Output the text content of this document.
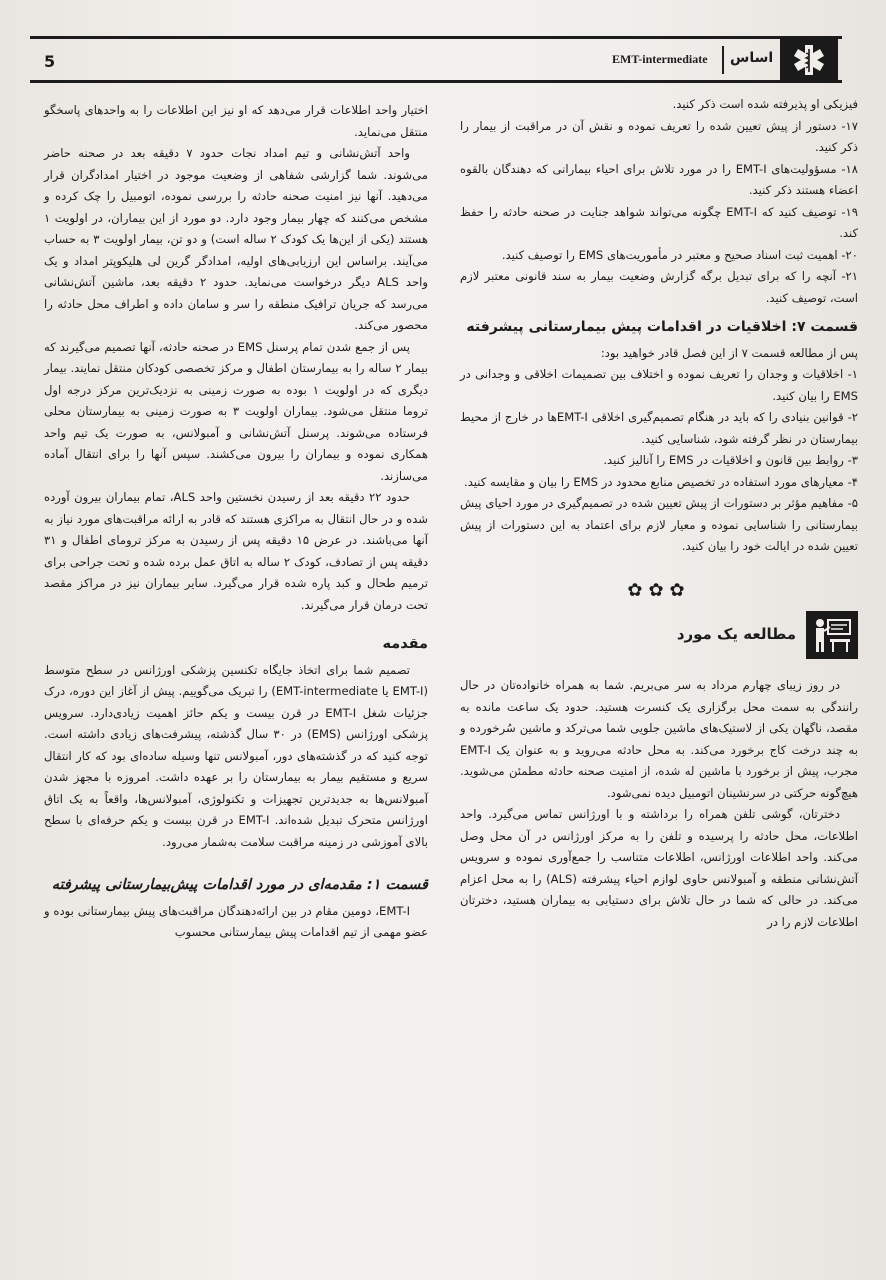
اساس
EMT-intermediate
5

فیزیکی او پذیرفته شده است ذکر کنید.

۱۷- دستور از پیش تعیین شده را تعریف نموده و نقش آن در مراقبت از بیمار را ذکر کنید.

۱۸- مسؤولیت‌های EMT-I را در مورد تلاش برای احیاء بیمارانی که دهندگان بالقوه اعضاء هستند ذکر کنید.

۱۹- توصیف کنید که EMT-I چگونه می‌تواند شواهد جنایت در صحنه حادثه را حفظ کند.

۲۰- اهمیت ثبت اسناد صحیح و معتبر در مأموریت‌های EMS را توصیف کنید.

۲۱- آنچه را که برای تبدیل برگه گزارش وضعیت بیمار به سند قانونی معتبر لازم است، توصیف کنید.

قسمت ۷: اخلاقیات در اقدامات پیش بیمارستانی پیشرفته

پس از مطالعه قسمت ۷ از این فصل قادر خواهید بود:

۱- اخلاقیات و وجدان را تعریف نموده و اختلاف بین تصمیمات اخلاقی و وجدانی در EMS را بیان کنید.

۲- قوانین بنیادی را که باید در هنگام تصمیم‌گیری اخلاقی EMT-Iها در خارج از محیط بیمارستان در نظر گرفته شود، شناسایی کنید.

۳- روابط بین قانون و اخلاقیات در EMS را آنالیز کنید.

۴- معیارهای مورد استفاده در تخصیص منابع محدود در EMS را بیان و مقایسه کنید.

۵- مفاهیم مؤثر بر دستورات از پیش تعیین شده در تصمیم‌گیری در مورد احیای پیش بیمارستانی را شناسایی نموده و معیار لازم برای اعتماد به این دستورات از پیش تعیین شده در ایالت خود را بیان کنید.

✿✿✿
مطالعه یک مورد

در روز زیبای چهارم مرداد به سر می‌بریم. شما به همراه خانواده‌تان در حال رانندگی به سمت محل برگزاری یک کنسرت هستید. حدود یک ساعت مانده به مقصد، ناگهان یکی از لاستیک‌های ماشین جلویی شما می‌ترکد و ماشین سُرخورده و به چند درخت کاج برخورد می‌کند. به محل حادثه می‌روید و به عنوان یک EMT-I مجرب، پیش از برخورد با ماشین له شده، از امنیت صحنه حادثه مطمئن می‌شوید. هیچ‌گونه حرکتی در سرنشینان اتومبیل دیده نمی‌شود.

دخترتان، گوشی تلفن همراه را برداشته و با اورژانس تماس می‌گیرد. واحد اطلاعات، محل حادثه را پرسیده و تلفن را به مرکز اورژانس در آن محل وصل می‌کند. واحد اطلاعات اورژانس، اطلاعات متناسب را جمع‌آوری نموده و سرویس آتش‌نشانی منطقه و آمبولانس حاوی لوازم احیاء پیشرفته (ALS) را به محل اعزام می‌کند. در حالی که شما در حال تلاش برای دستیابی به بیماران هستید، دخترتان اطلاعات لازم را در

اختیار واحد اطلاعات قرار می‌دهد که او نیز این اطلاعات را به واحدهای پاسخگو منتقل می‌نماید.

واحد آتش‌نشانی و تیم امداد نجات حدود ۷ دقیقه بعد در صحنه حاضر می‌شوند. شما گزارشی شفاهی از وضعیت موجود در اختیار امدادگران قرار می‌دهید. آنها نیز امنیت صحنه حادثه را بررسی نموده، اتومبیل را چک کرده و مشخص می‌کنند که چهار بیمار وجود دارد. دو مورد از این بیماران، در اولویت ۱ هستند (یکی از این‌ها یک کودک ۲ ساله است) و دو تن، بیمار اولویت ۳ به حساب می‌آیند. براساس این ارزیابی‌های اولیه، امدادگر گرین لی هلیکوپتر امداد و یک واحد ALS دیگر درخواست می‌نماید. حدود ۲ دقیقه بعد، ماشین آتش‌نشانی می‌رسد که جریان ترافیک منطقه را سر و سامان داده و اطراف محل حادثه را محصور می‌کند.

پس از جمع شدن تمام پرسنل EMS در صحنه حادثه، آنها تصمیم می‌گیرند که بیمار ۲ ساله را به بیمارستان اطفال و مرکز تخصصی کودکان منتقل نمایند. بیمار دیگری که در اولویت ۱ بوده به صورت زمینی به نزدیک‌ترین مرکز درجه اول تروما منتقل می‌شود. بیماران اولویت ۳ به صورت زمینی به بیمارستان محلی فرستاده می‌شوند. پرسنل آتش‌نشانی و آمبولانس، به صورت یک تیم واحد همکاری نموده و بیماران را بیرون می‌کشند. سپس آنها را برای انتقال آماده می‌سازند.

حدود ۲۲ دقیقه بعد از رسیدن نخستین واحد ALS، تمام بیماران بیرون آورده شده و در حال انتقال به مراکزی هستند که قادر به ارائه مراقبت‌های مورد نیاز به آنها می‌باشند. در عرض ۱۵ دقیقه پس از رسیدن به مرکز ترومای اطفال و ۳۱ دقیقه پس از تصادف، کودک ۲ ساله به اتاق عمل برده شده و تحت جراحی برای ترمیم طحال و کبد پاره شده قرار می‌گیرد. سایر بیماران نیز در مراکز مقصد تحت درمان قرار می‌گیرند.

مقدمه

تصمیم شما برای اتخاذ جایگاه تکنسین پزشکی اورژانس در سطح متوسط (EMT-I یا EMT-intermediate) را تبریک می‌گوییم. پیش از آغاز این دوره، درک جزئیات شغل EMT-I در قرن بیست و یکم حائز اهمیت زیادی‌دارد. سرویس پزشکی اورژانس (EMS) در ۳۰ سال گذشته، پیشرفت‌های زیادی داشته است. توجه کنید که در گذشته‌های دور، آمبولانس تنها وسیله ساده‌ای بود که کار انتقال سریع و مستقیم بیمار به بیمارستان را بر عهده داشت. امروزه با مجهز شدن آمبولانس‌ها به جدیدترین تجهیزات و تکنولوژی، آمبولانس‌ها، واقعاً به یک اتاق اورژانس متحرک تبدیل شده‌اند. EMT-I در قرن بیست و یکم حرفه‌ای با سطح بالای آموزشی در زمینه مراقبت سلامت به‌شمار می‌رود.

قسمت ۱: مقدمه‌ای در مورد اقدامات پیش‌بیمارستانی پیشرفته

EMT-I، دومین مقام در بین ارائه‌دهندگان مراقبت‌های پیش بیمارستانی بوده و عضو مهمی از تیم اقدامات پیش بیمارستانی محسوب
